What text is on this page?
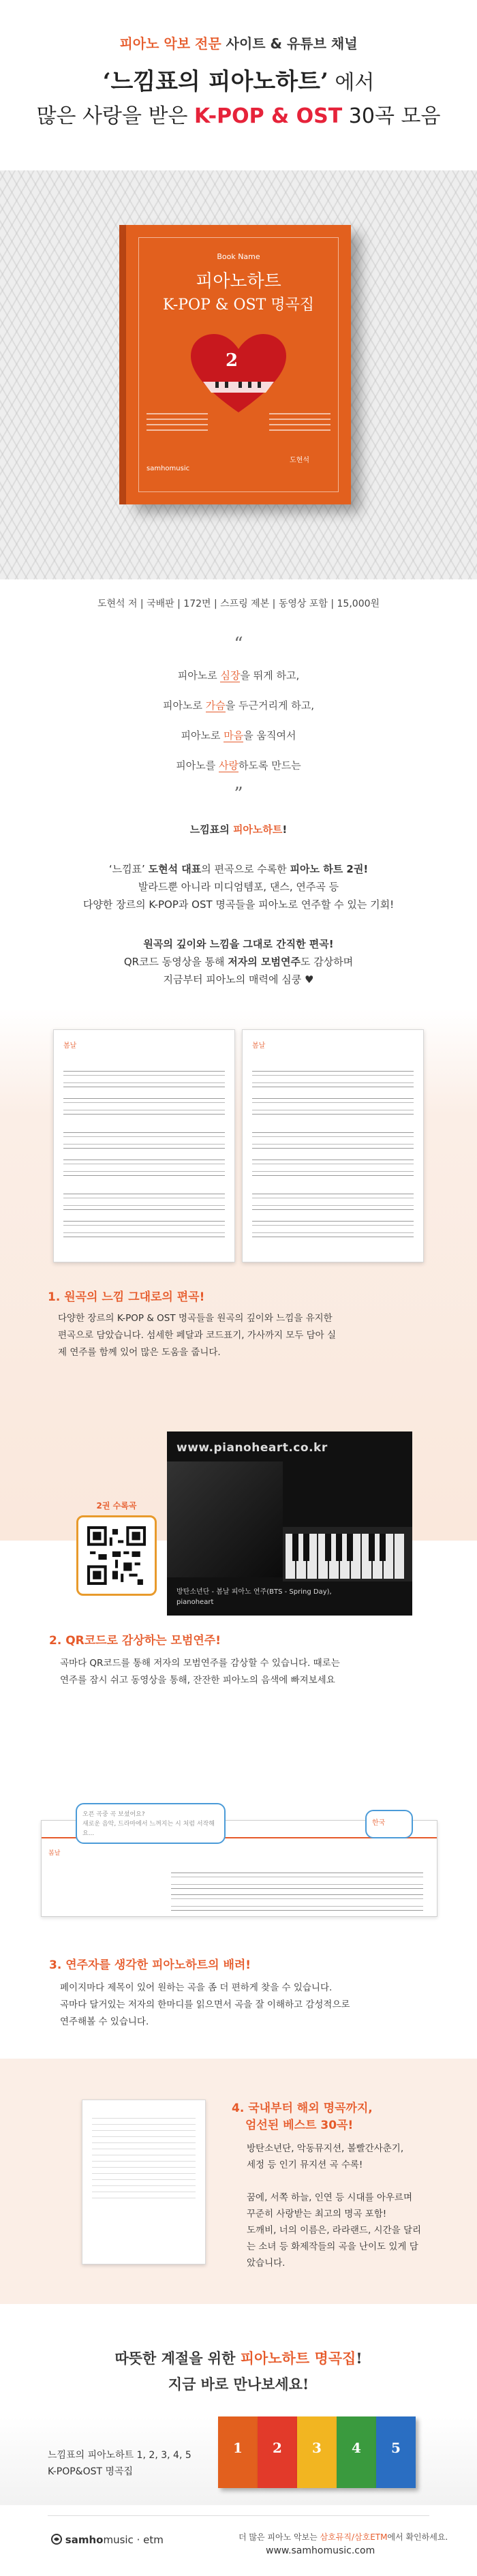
피아노 악보 전문 사이트 & 유튜브 채널
‘느낌표의 피아노하트’ 에서
많은 사랑을 받은 K-POP & OST 30곡 모음
Book Name
피아노하트
K-POP & OST 명곡집
2
도현석
samhomusic
도현석 저 | 국배판 | 172면 | 스프링 제본 | 동영상 포함 | 15,000원
“
피아노로 심장을 뛰게 하고,
피아노로 가슴을 두근거리게 하고,
피아노로 마음을 움직여서
피아노를 사랑하도록 만드는
”
느낌표의 피아노하트!
‘느낌표’ 도현석 대표의 편곡으로 수록한 피아노 하트 2권!
발라드뿐 아니라 미디엄템포, 댄스, 연주곡 등
다양한 장르의 K-POP과 OST 명곡들을 피아노로 연주할 수 있는 기회!
원곡의 깊이와 느낌을 그대로 간직한 편곡!
QR코드 동영상을 통해 저자의 모범연주도 감상하며
지금부터 피아노의 매력에 심쿵 ♥
봄날	봄날
1. 원곡의 느낌 그대로의 편곡!
다양한 장르의 K-POP & OST 명곡들을 원곡의 깊이와 느낌을 유지한
편곡으로 담았습니다. 섬세한 페달과 코드표기, 가사까지 모두 담아 실
제 연주를 함께 있어 많은 도움을 줍니다.
2권 수록곡
www.pianoheart.co.kr
방탄소년단 - 봄날 피아노 연주(BTS - Spring Day),
pianoheart
2. QR코드로 감상하는 모범연주!
곡마다 QR코드를 통해 저자의 모범연주를 감상할 수 있습니다. 때로는
연주를 잠시 쉬고 동영상을 통해, 잔잔한 피아노의 음색에 빠져보세요
봄날
오픈 곡중 곡 보셨어요?
새로운 음악, 드라마에서 느껴지는 시 처럼 서작해요...
한국
3. 연주자를 생각한 피아노하트의 배려!
페이지마다 제목이 있어 원하는 곡을 좀 더 편하게 찾을 수 있습니다.
곡마다 달거있는 저자의 한마디를 읽으면서 곡을 잘 이해하고 감성적으로
연주해볼 수 있습니다.
4. 국내부터 해외 명곡까지,
엄선된 베스트 30곡!
방탄소년단, 악동뮤지션, 볼빨간사춘기,
세정 등 인기 뮤지션 곡 수록!
꿈에, 서쪽 하늘, 인연 등 시대를 아우르며
꾸준히 사랑받는 최고의 명곡 포함!
도깨비, 너의 이름은, 라라랜드, 시간을 달리
는 소녀 등 화제작들의 곡을 난이도 있게 담
았습니다.
따뜻한 계절을 위한 피아노하트 명곡집!
지금 바로 만나보세요!
느낌표의 피아노하트 1, 2, 3, 4, 5
K-POP&OST 명곡집
1	2	3	4	5
samhomusic · etm	더 많은 피아노 악보는 삼호뮤직/삼호ETM에서 확인하세요.
www.samhomusic.com
